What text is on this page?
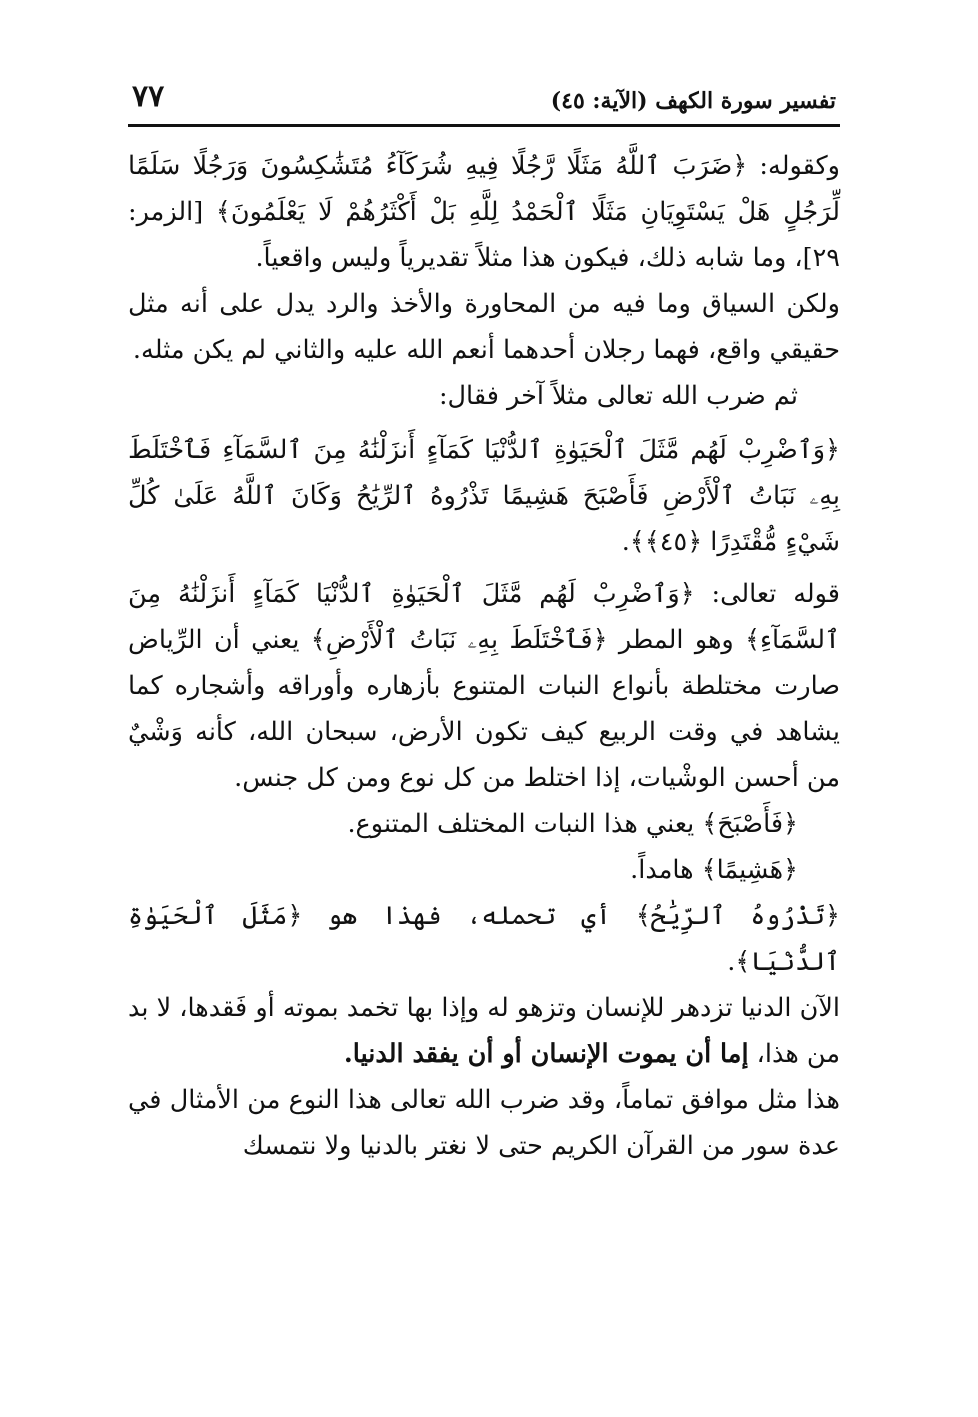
تفسير سورة الكهف (الآية: ٤٥)
٧٧

وكقوله: ﴿ضَرَبَ ٱللَّهُ مَثَلًا رَّجُلًا فِيهِ شُرَكَآءُ مُتَشَٰكِسُونَ وَرَجُلًا سَلَمًا لِّرَجُلٍ هَلْ يَسْتَوِيَانِ مَثَلًا ٱلْحَمْدُ لِلَّهِ بَلْ أَكْثَرُهُمْ لَا يَعْلَمُونَ﴾ [الزمر: ٢٩]، وما شابه ذلك، فيكون هذا مثلاً تقديرياً وليس واقعياً.

ولكن السياق وما فيه من المحاورة والأخذ والرد يدل على أنه مثل حقيقي واقع، فهما رجلان أحدهما أنعم الله عليه والثاني لم يكن مثله.

ثم ضرب الله تعالى مثلاً آخر فقال:

﴿وَٱضْرِبْ لَهُم مَّثَلَ ٱلْحَيَوٰةِ ٱلدُّنْيَا كَمَآءٍ أَنزَلْنَٰهُ مِنَ ٱلسَّمَآءِ فَٱخْتَلَطَ بِهِۦ نَبَاتُ ٱلْأَرْضِ فَأَصْبَحَ هَشِيمًا تَذْرُوهُ ٱلرِّيَٰحُ وَكَانَ ٱللَّهُ عَلَىٰ كُلِّ شَيْءٍ مُّقْتَدِرًا ﴿٤٥﴾﴾.

قوله تعالى: ﴿وَٱضْرِبْ لَهُم مَّثَلَ ٱلْحَيَوٰةِ ٱلدُّنْيَا كَمَآءٍ أَنزَلْنَٰهُ مِنَ ٱلسَّمَآءِ﴾ وهو المطر ﴿فَٱخْتَلَطَ بِهِۦ نَبَاتُ ٱلْأَرْضِ﴾ يعني أن الرِّياض صارت مختلطة بأنواع النبات المتنوع بأزهاره وأوراقه وأشجاره كما يشاهد في وقت الربيع كيف تكون الأرض، سبحان الله، كأنه وَشْيٌ من أحسن الوشْيات، إذا اختلط من كل نوع ومن كل جنس.

﴿فَأَصْبَحَ﴾ يعني هذا النبات المختلف المتنوع.

﴿هَشِيمًا﴾ هامداً.

﴿تَذْرُوهُ ٱلرِّيَٰحُ﴾ أي تحمله، فهذا هو ﴿مَثَلَ ٱلْحَيَوٰةِ ٱلدُّنْيَا﴾.

الآن الدنيا تزدهر للإنسان وتزهو له وإذا بها تخمد بموته أو فَقدها، لا بد من هذا، إما أن يموت الإنسان أو أن يفقد الدنيا.

هذا مثل موافق تماماً، وقد ضرب الله تعالى هذا النوع من الأمثال في عدة سور من القرآن الكريم حتى لا نغتر بالدنيا ولا نتمسك
